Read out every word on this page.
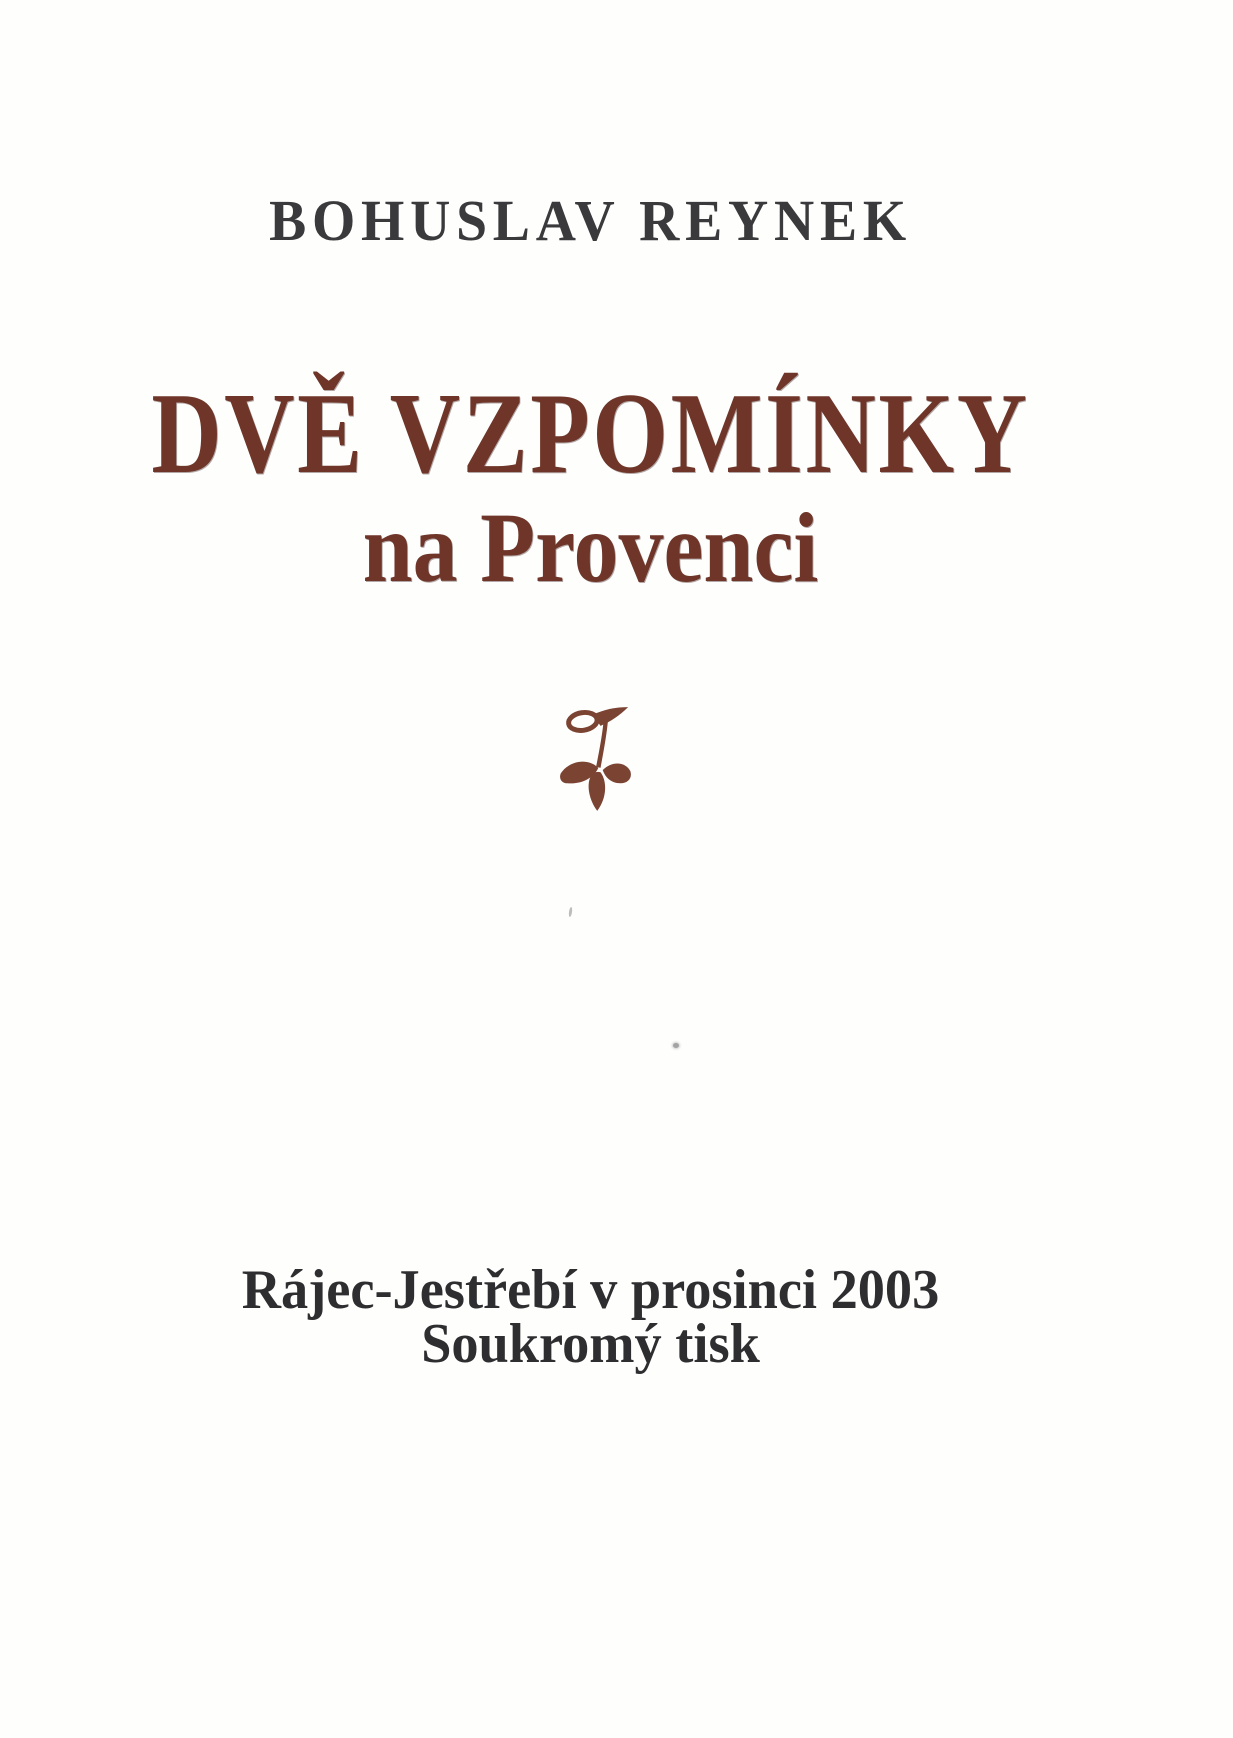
BOHUSLAV REYNEK

DVĚ VZPOMÍNKY
na Provenci

Rájec-Jestřebí v prosinci 2003

Soukromý tisk
